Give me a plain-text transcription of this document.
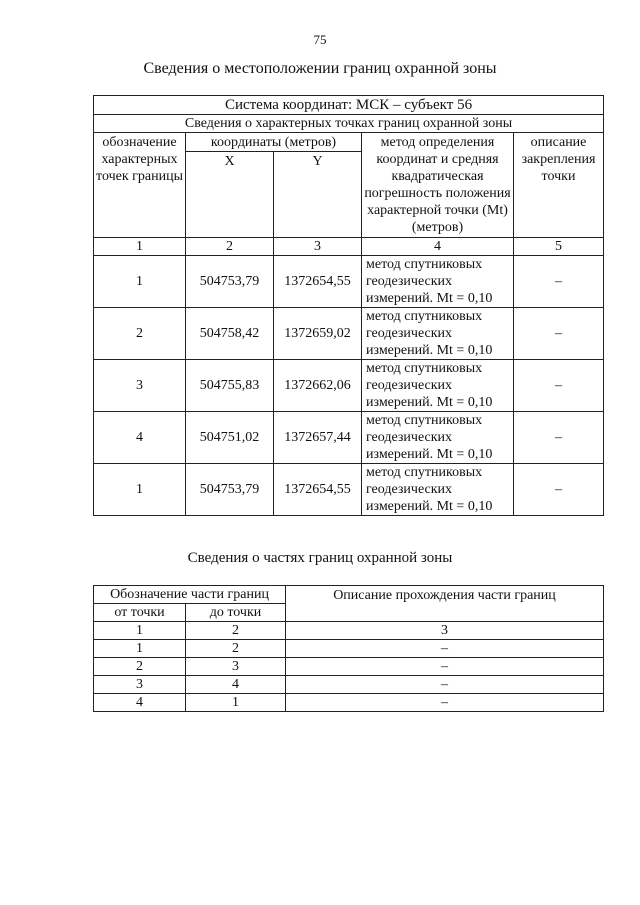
75
Сведения о местоположении границ охранной зоны
Система координат: МСК – субъект 56				
Сведения о характерных точках границ охранной зоны				
обозначение характерных точек границы	координаты (метров)		метод определения координат и средняя квадратическая погрешность положения характерной точки (Mt) (метров)	описание закрепления точки
	X	Y		
1	2	3	4	5
1	504753,79	1372654,55	метод спутниковых геодезических измерений. Mt = 0,10	–
2	504758,42	1372659,02	метод спутниковых геодезических измерений. Mt = 0,10	–
3	504755,83	1372662,06	метод спутниковых геодезических измерений. Mt = 0,10	–
4	504751,02	1372657,44	метод спутниковых геодезических измерений. Mt = 0,10	–
1	504753,79	1372654,55	метод спутниковых геодезических измерений. Mt = 0,10	–
Сведения о частях границ охранной зоны
Обозначение части границ		Описание прохождения части границ
от точки	до точки	
1	2	3
1	2	–
2	3	–
3	4	–
4	1	–
